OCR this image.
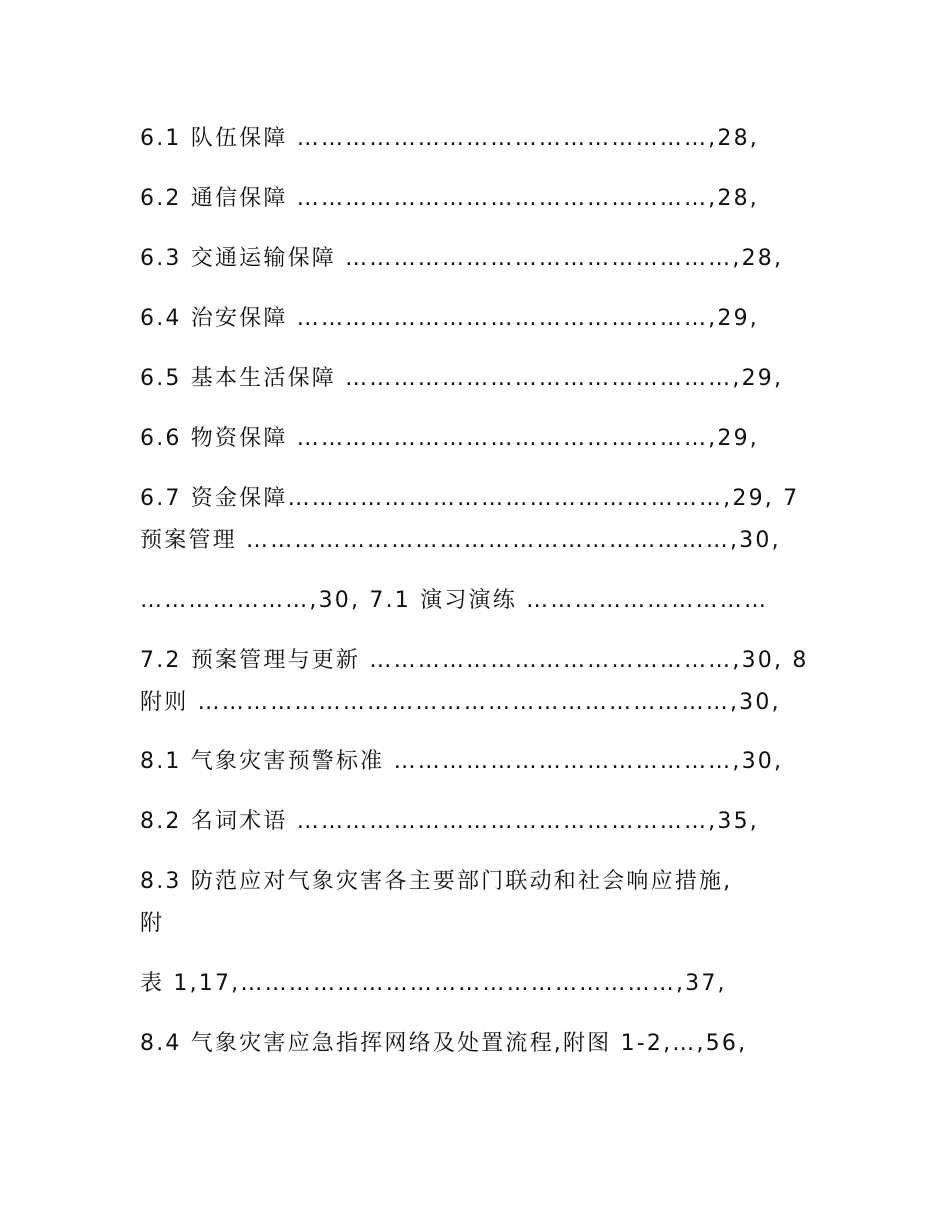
6.1 队伍保障 ……………………………………………,28,
6.2 通信保障 ……………………………………………,28,
6.3 交通运输保障 …………………………………………,28,
6.4 治安保障 ……………………………………………,29,
6.5 基本生活保障 …………………………………………,29,
6.6 物资保障 ……………………………………………,29,
6.7 资金保障………………………………………………,29, 7
预案管理 ……………………………………………………,30,
…………………,30, 7.1 演习演练 …………………………
7.2 预案管理与更新 ………………………………………,30, 8
附则 …………………………………………………………,30,
8.1 气象灾害预警标准 ……………………………………,30,
8.2 名词术语 ……………………………………………,35,
8.3 防范应对气象灾害各主要部门联动和社会响应措施,
附
表 1,17,………………………………………………,37,
8.4 气象灾害应急指挥网络及处置流程,附图 1-2,…,56,
